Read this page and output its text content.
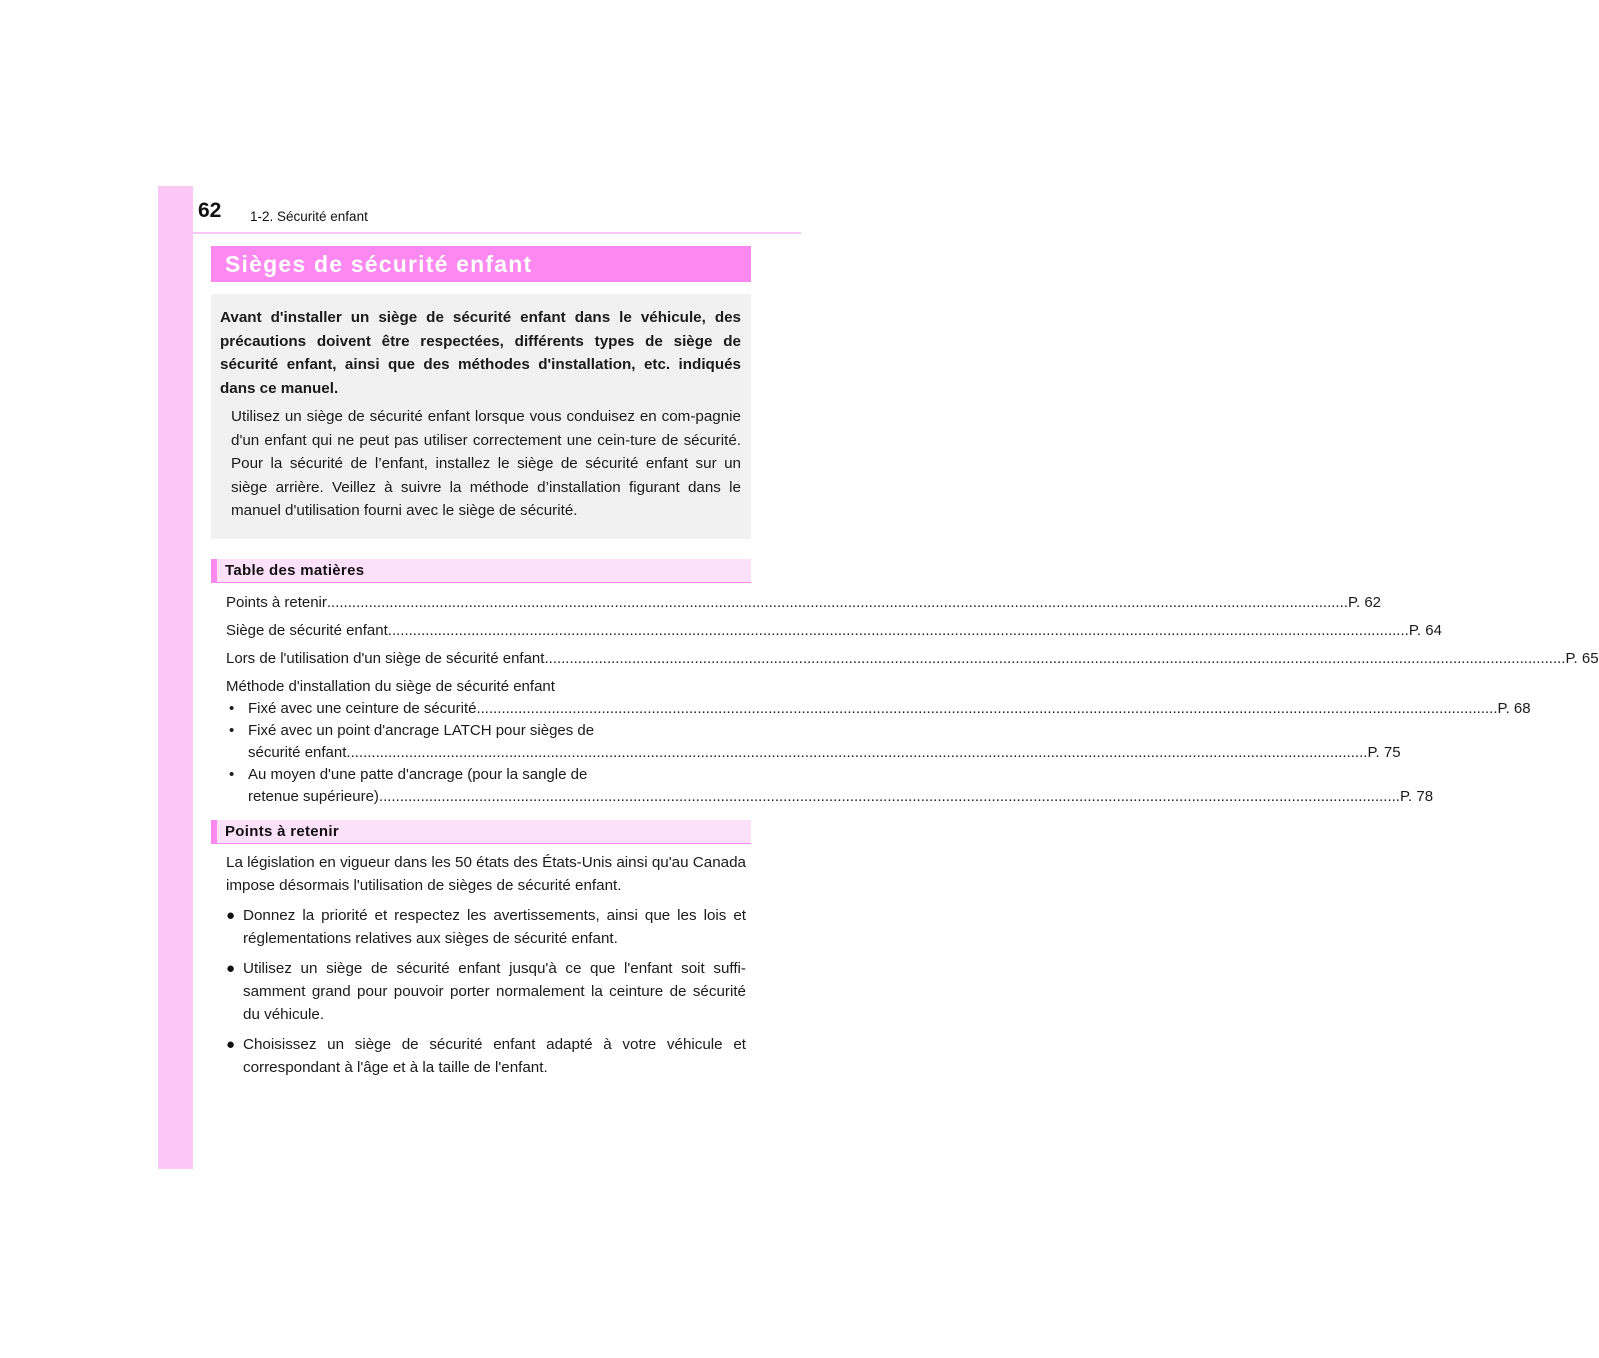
62 1-2. Sécurité enfant
Sièges de sécurité enfant

Avant d'installer un siège de sécurité enfant dans le véhicule, des précautions doivent être respectées, différents types de siège de sécurité enfant, ainsi que des méthodes d'installation, etc. indiqués dans ce manuel.

Utilisez un siège de sécurité enfant lorsque vous conduisez en com-pagnie d'un enfant qui ne peut pas utiliser correctement une cein-ture de sécurité. Pour la sécurité de l’enfant, installez le siège de sécurité enfant sur un siège arrière. Veillez à suivre la méthode d’installation figurant dans le manuel d'utilisation fourni avec le siège de sécurité.

Table des matières
Points à retenir .....	P. 62
Siège de sécurité enfant .....	P. 64
Lors de l'utilisation d'un siège de sécurité enfant .....	P. 65
Méthode d'installation du siège de sécurité enfant
• Fixé avec une ceinture de sécurité .....	P. 68
• Fixé avec un point d'ancrage LATCH pour sièges de
sécurité enfant .....	P. 75
• Au moyen d'une patte d'ancrage (pour la sangle de
retenue supérieure) .....	P. 78
Points à retenir

La législation en vigueur dans les 50 états des États-Unis ainsi qu'au Canada impose désormais l'utilisation de sièges de sécurité enfant.

● Donnez la priorité et respectez les avertissements, ainsi que les lois et réglementations relatives aux sièges de sécurité enfant.
● Utilisez un siège de sécurité enfant jusqu'à ce que l'enfant soit suffi-samment grand pour pouvoir porter normalement la ceinture de sécurité du véhicule.
● Choisissez un siège de sécurité enfant adapté à votre véhicule et correspondant à l'âge et à la taille de l'enfant.
